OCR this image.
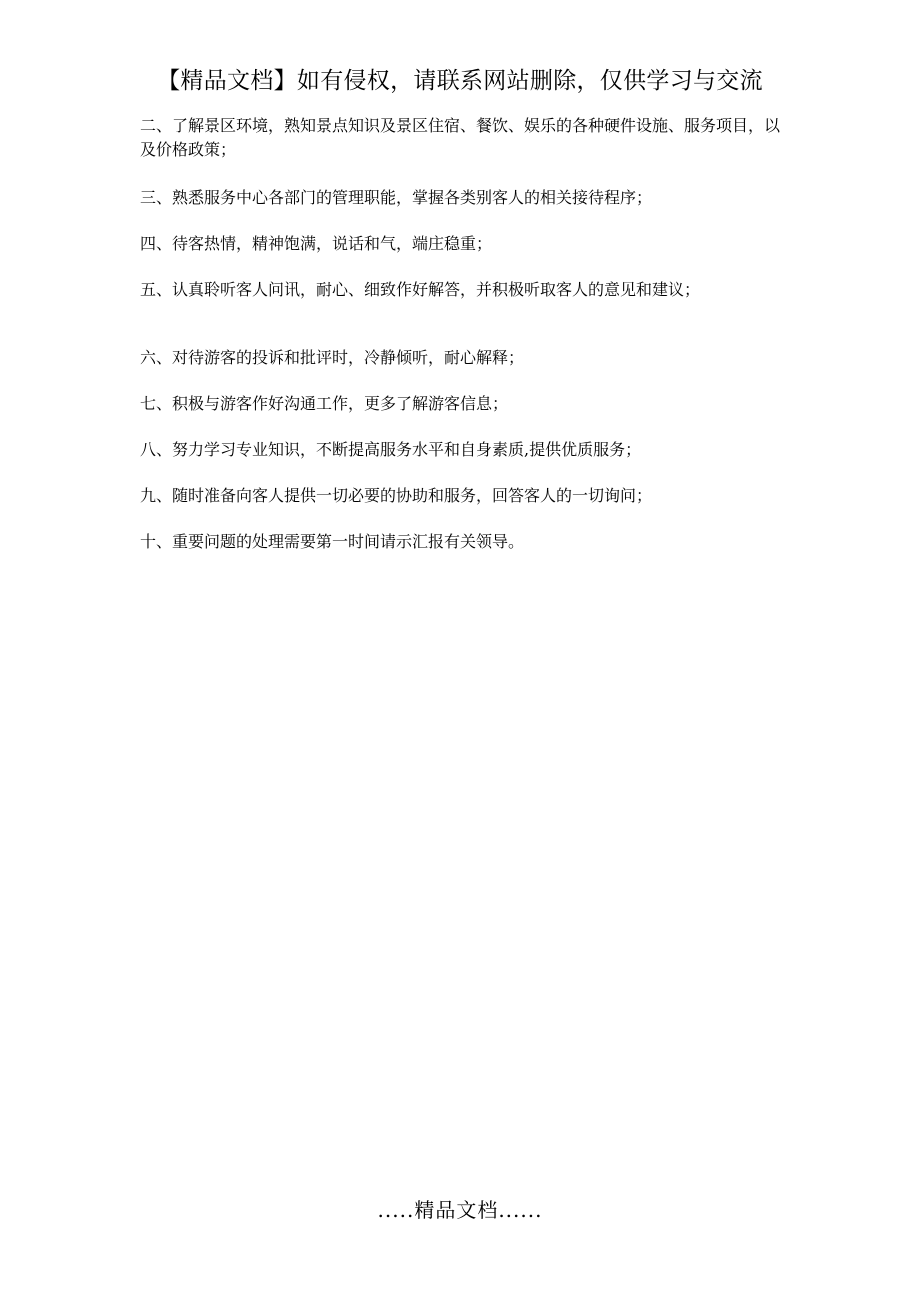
【精品文档】如有侵权，请联系网站删除，仅供学习与交流

二、了解景区环境，熟知景点知识及景区住宿、餐饮、娱乐的各种硬件设施、服务项目，以及价格政策；

三、熟悉服务中心各部门的管理职能，掌握各类别客人的相关接待程序；

四、待客热情，精神饱满，说话和气，端庄稳重；

五、认真聆听客人问讯，耐心、细致作好解答，并积极听取客人的意见和建议；

六、对待游客的投诉和批评时，冷静倾听，耐心解释；

七、积极与游客作好沟通工作，更多了解游客信息；

八、努力学习专业知识，不断提高服务水平和自身素质,提供优质服务；

九、随时准备向客人提供一切必要的协助和服务，回答客人的一切询问；

十、重要问题的处理需要第一时间请示汇报有关领导。

.....精品文档......
